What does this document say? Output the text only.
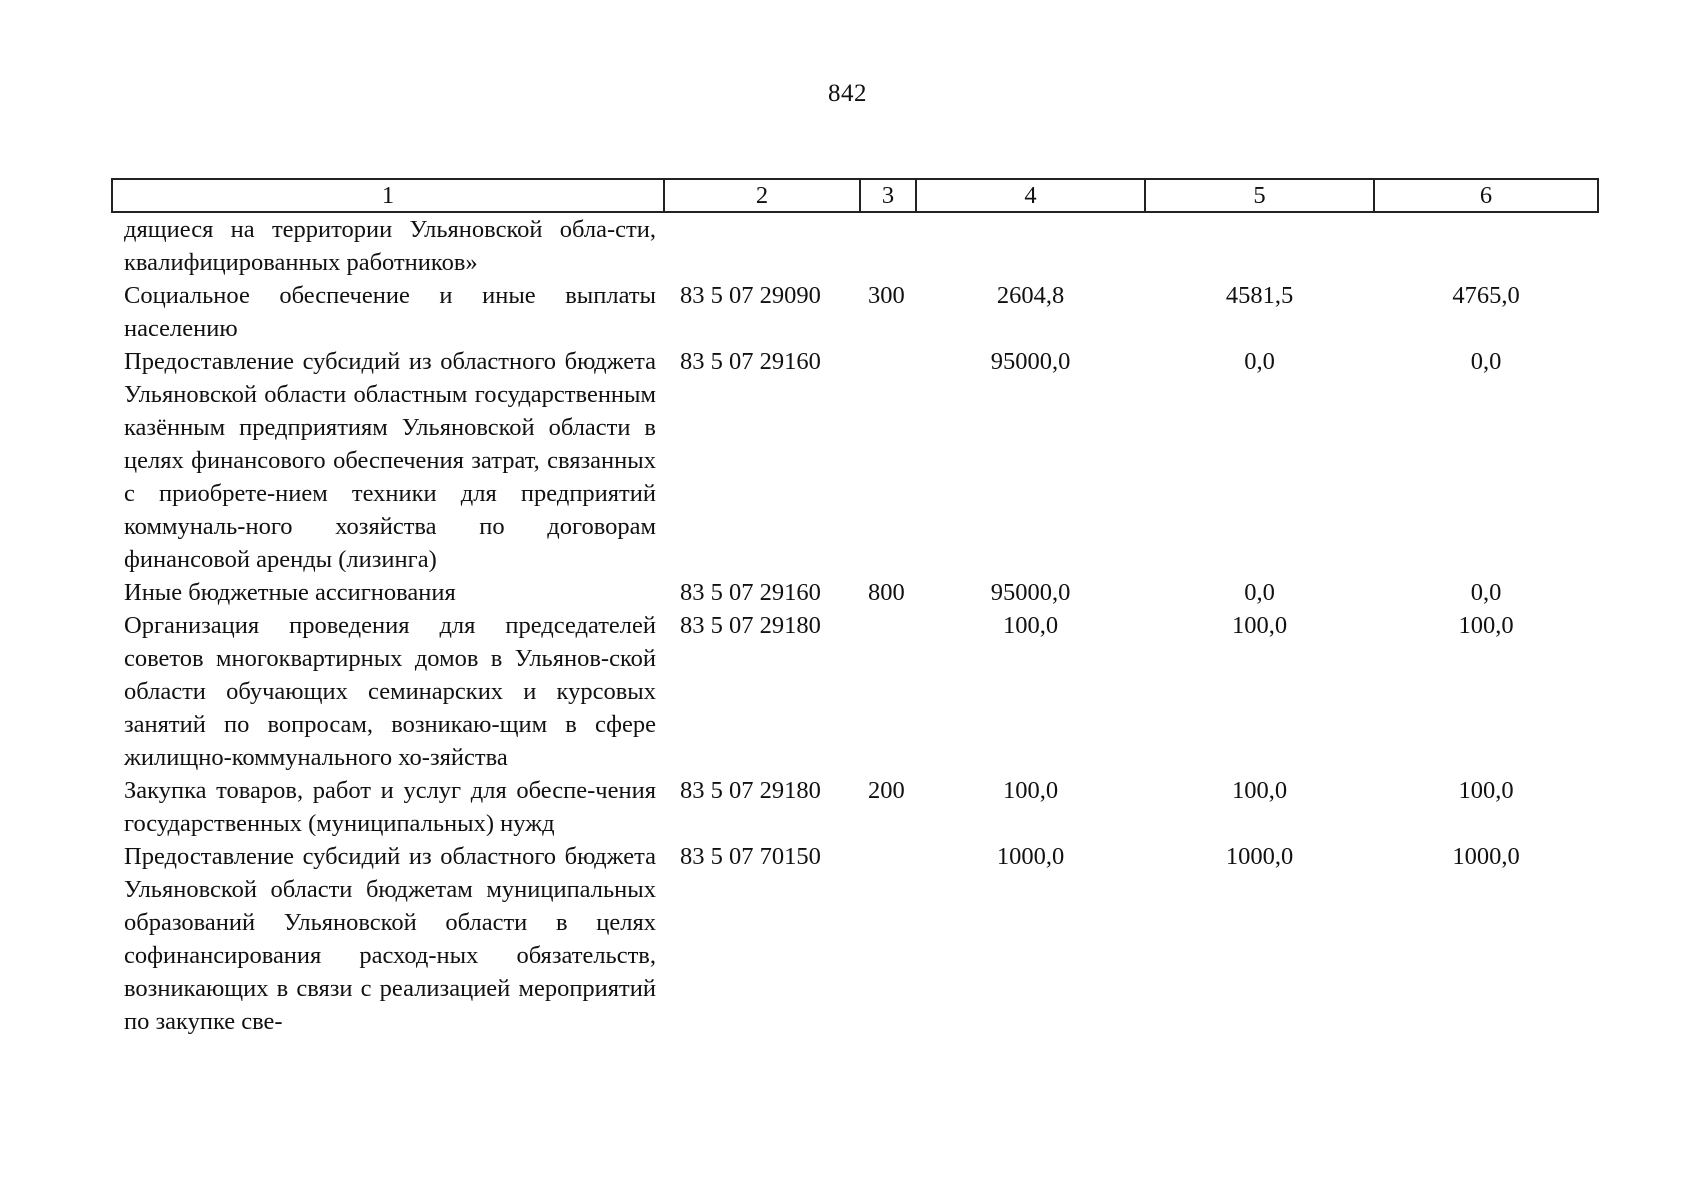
842
1	2	3	4	5	6
дящиеся на территории Ульяновской обла-сти, квалифицированных работников»					
Социальное обеспечение и иные выплаты населению	83 5 07 29090	300	2604,8	4581,5	4765,0
Предоставление субсидий из областного бюджета Ульяновской области областным государственным казённым предприятиям Ульяновской области в целях финансового обеспечения затрат, связанных с приобрете-нием техники для предприятий коммуналь-ного хозяйства по договорам финансовой аренды (лизинга)	83 5 07 29160		95000,0	0,0	0,0
Иные бюджетные ассигнования	83 5 07 29160	800	95000,0	0,0	0,0
Организация проведения для председателей советов многоквартирных домов в Ульянов-ской области обучающих семинарских и курсовых занятий по вопросам, возникаю-щим в сфере жилищно-коммунального хо-зяйства	83 5 07 29180		100,0	100,0	100,0
Закупка товаров, работ и услуг для обеспе-чения государственных (муниципальных) нужд	83 5 07 29180	200	100,0	100,0	100,0
Предоставление субсидий из областного бюджета Ульяновской области бюджетам муниципальных образований Ульяновской области в целях софинансирования расход-ных обязательств, возникающих в связи с реализацией мероприятий по закупке све-	83 5 07 70150		1000,0	1000,0	1000,0
